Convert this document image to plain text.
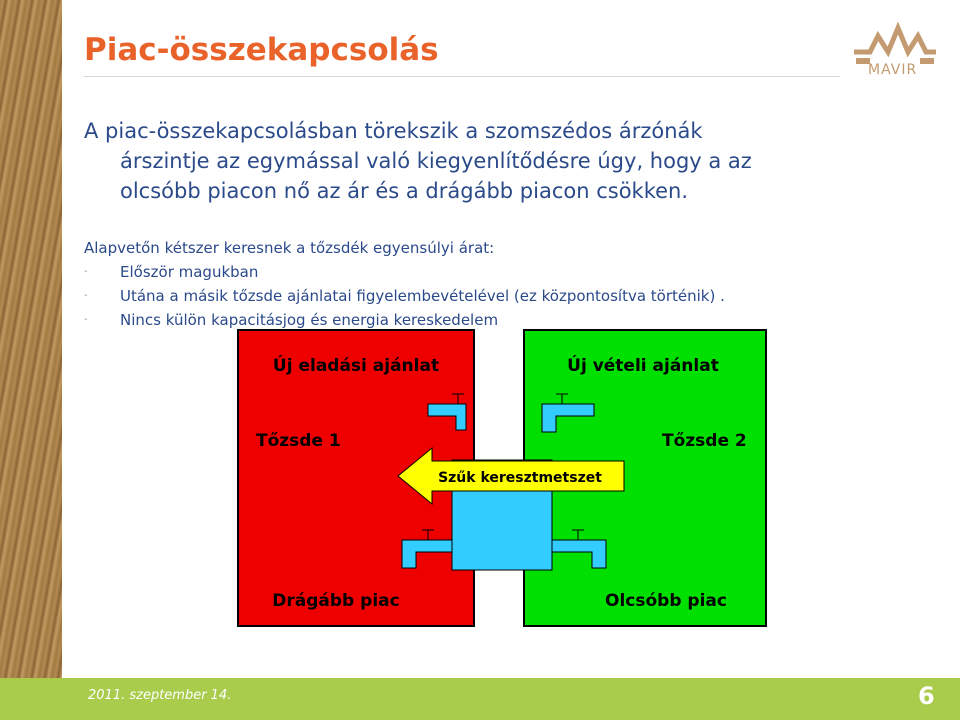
Piac-összekapcsolás
MAVIR

A piac-összekapcsolásban törekszik a szomszédos árzónák
árszintje az egymással való kiegyenlítődésre úgy, hogy a az
olcsóbb piacon nő az ár és a drágább piacon csökken.

Alapvetőn kétszer keresnek a tőzsdék egyensúlyi árat:
- Először magukban
- Utána a másik tőzsde ajánlatai figyelembevételével (ez központosítva történik) .
- Nincs külön kapacitásjog és energia kereskedelem
Új eladási ajánlat	Új vételi ajánlat
Tőzsde 1	Tőzsde 2
Szűk keresztmetszet
Drágább piac	Olcsóbb piac
2011. szeptember 14.	6
